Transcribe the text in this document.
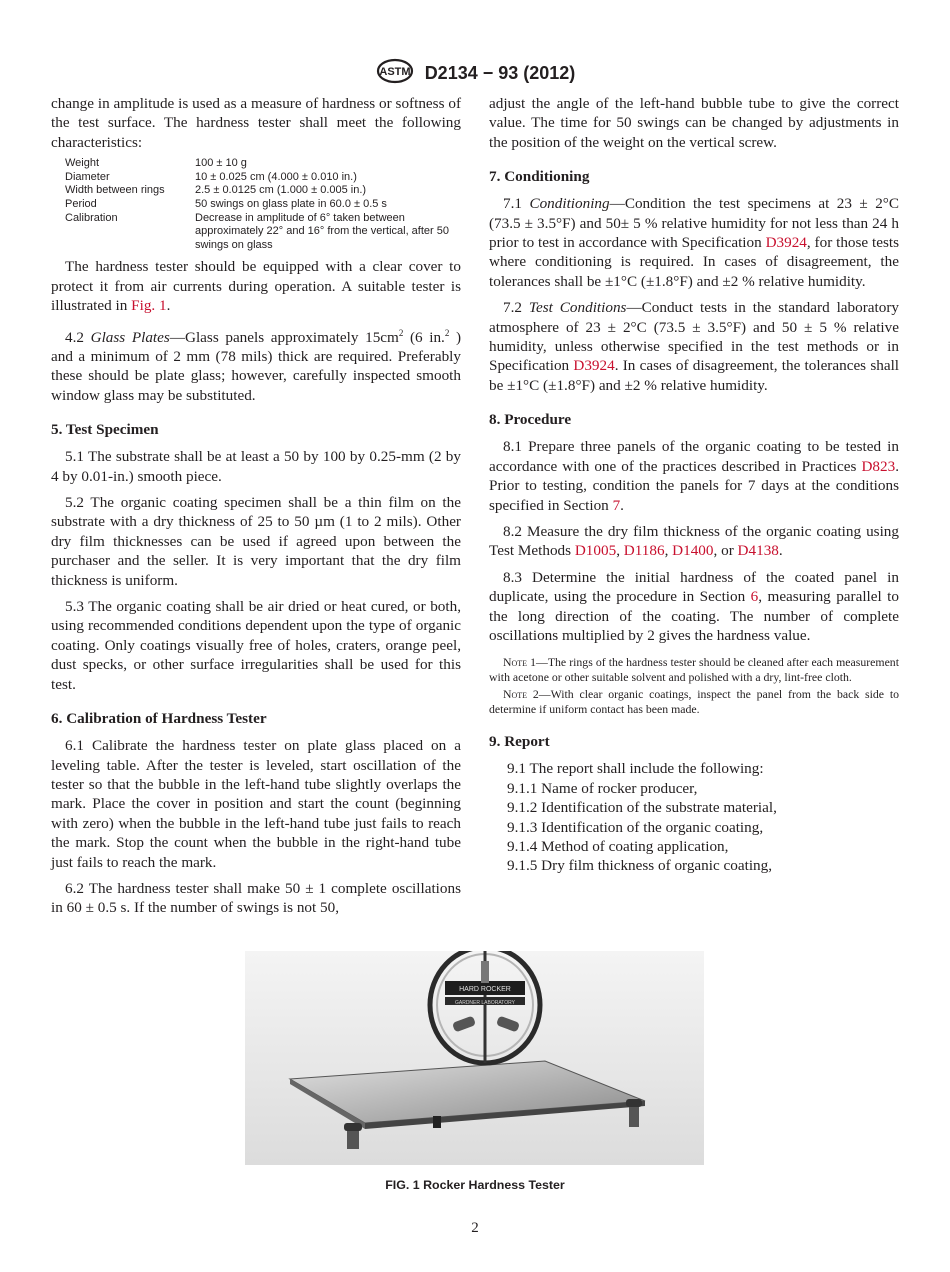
ASTM D2134 − 93 (2012)

change in amplitude is used as a measure of hardness or softness of the test surface. The hardness tester shall meet the following characteristics:

Weight	100 ± 10 g
Diameter	10 ± 0.025 cm (4.000 ± 0.010 in.)
Width between rings	2.5 ± 0.0125 cm (1.000 ± 0.005 in.)
Period	50 swings on glass plate in 60.0 ± 0.5 s
Calibration	Decrease in amplitude of 6° taken between approximately 22° and 16° from the vertical, after 50 swings on glass

The hardness tester should be equipped with a clear cover to protect it from air currents during operation. A suitable tester is illustrated in Fig. 1.

4.2 Glass Plates—Glass panels approximately $15cm^2$ (6 in.$^2$ ) and a minimum of 2 mm (78 mils) thick are required. Preferably these should be plate glass; however, carefully inspected smooth window glass may be substituted.

5. Test Specimen

5.1 The substrate shall be at least a 50 by 100 by 0.25-mm (2 by 4 by 0.01-in.) smooth piece.

5.2 The organic coating specimen shall be a thin film on the substrate with a dry thickness of 25 to 50 µm (1 to 2 mils). Other dry film thicknesses can be used if agreed upon between the purchaser and the seller. It is very important that the dry film thickness is uniform.

5.3 The organic coating shall be air dried or heat cured, or both, using recommended conditions dependent upon the type of organic coating. Only coatings visually free of holes, craters, orange peel, dust specks, or other surface irregularities shall be used for this test.

6. Calibration of Hardness Tester

6.1 Calibrate the hardness tester on plate glass placed on a leveling table. After the tester is leveled, start oscillation of the tester so that the bubble in the left-hand tube slightly overlaps the mark. Place the cover in position and start the count (beginning with zero) when the bubble in the left-hand tube just fails to reach the mark. Stop the count when the bubble in the right-hand tube just fails to reach the mark.

6.2 The hardness tester shall make 50 ± 1 complete oscillations in 60 ± 0.5 s. If the number of swings is not 50,

adjust the angle of the left-hand bubble tube to give the correct value. The time for 50 swings can be changed by adjustments in the position of the weight on the vertical screw.

7. Conditioning

7.1 Conditioning—Condition the test specimens at 23 ± 2°C (73.5 ± 3.5°F) and 50± 5 % relative humidity for not less than 24 h prior to test in accordance with Specification D3924, for those tests where conditioning is required. In cases of disagreement, the tolerances shall be ±1°C (±1.8°F) and ±2 % relative humidity.

7.2 Test Conditions—Conduct tests in the standard laboratory atmosphere of 23 ± 2°C (73.5 ± 3.5°F) and 50 ± 5 % relative humidity, unless otherwise specified in the test methods or in Specification D3924. In cases of disagreement, the tolerances shall be ±1°C (±1.8°F) and ±2 % relative humidity.

8. Procedure

8.1 Prepare three panels of the organic coating to be tested in accordance with one of the practices described in Practices D823. Prior to testing, condition the panels for 7 days at the conditions specified in Section 7.

8.2 Measure the dry film thickness of the organic coating using Test Methods D1005, D1186, D1400, or D4138.

8.3 Determine the initial hardness of the coated panel in duplicate, using the procedure in Section 6, measuring parallel to the long direction of the coating. The number of complete oscillations multiplied by 2 gives the hardness value.

Note 1—The rings of the hardness tester should be cleaned after each measurement with acetone or other suitable solvent and polished with a dry, lint-free cloth.

Note 2—With clear organic coatings, inspect the panel from the back side to determine if uniform contact has been made.

9. Report

9.1 The report shall include the following:

9.1.1 Name of rocker producer,

9.1.2 Identification of the substrate material,

9.1.3 Identification of the organic coating,

9.1.4 Method of coating application,

9.1.5 Dry film thickness of organic coating,

HARD ROCKER
GARDNER LABORATORY
FIG. 1 Rocker Hardness Tester
2
